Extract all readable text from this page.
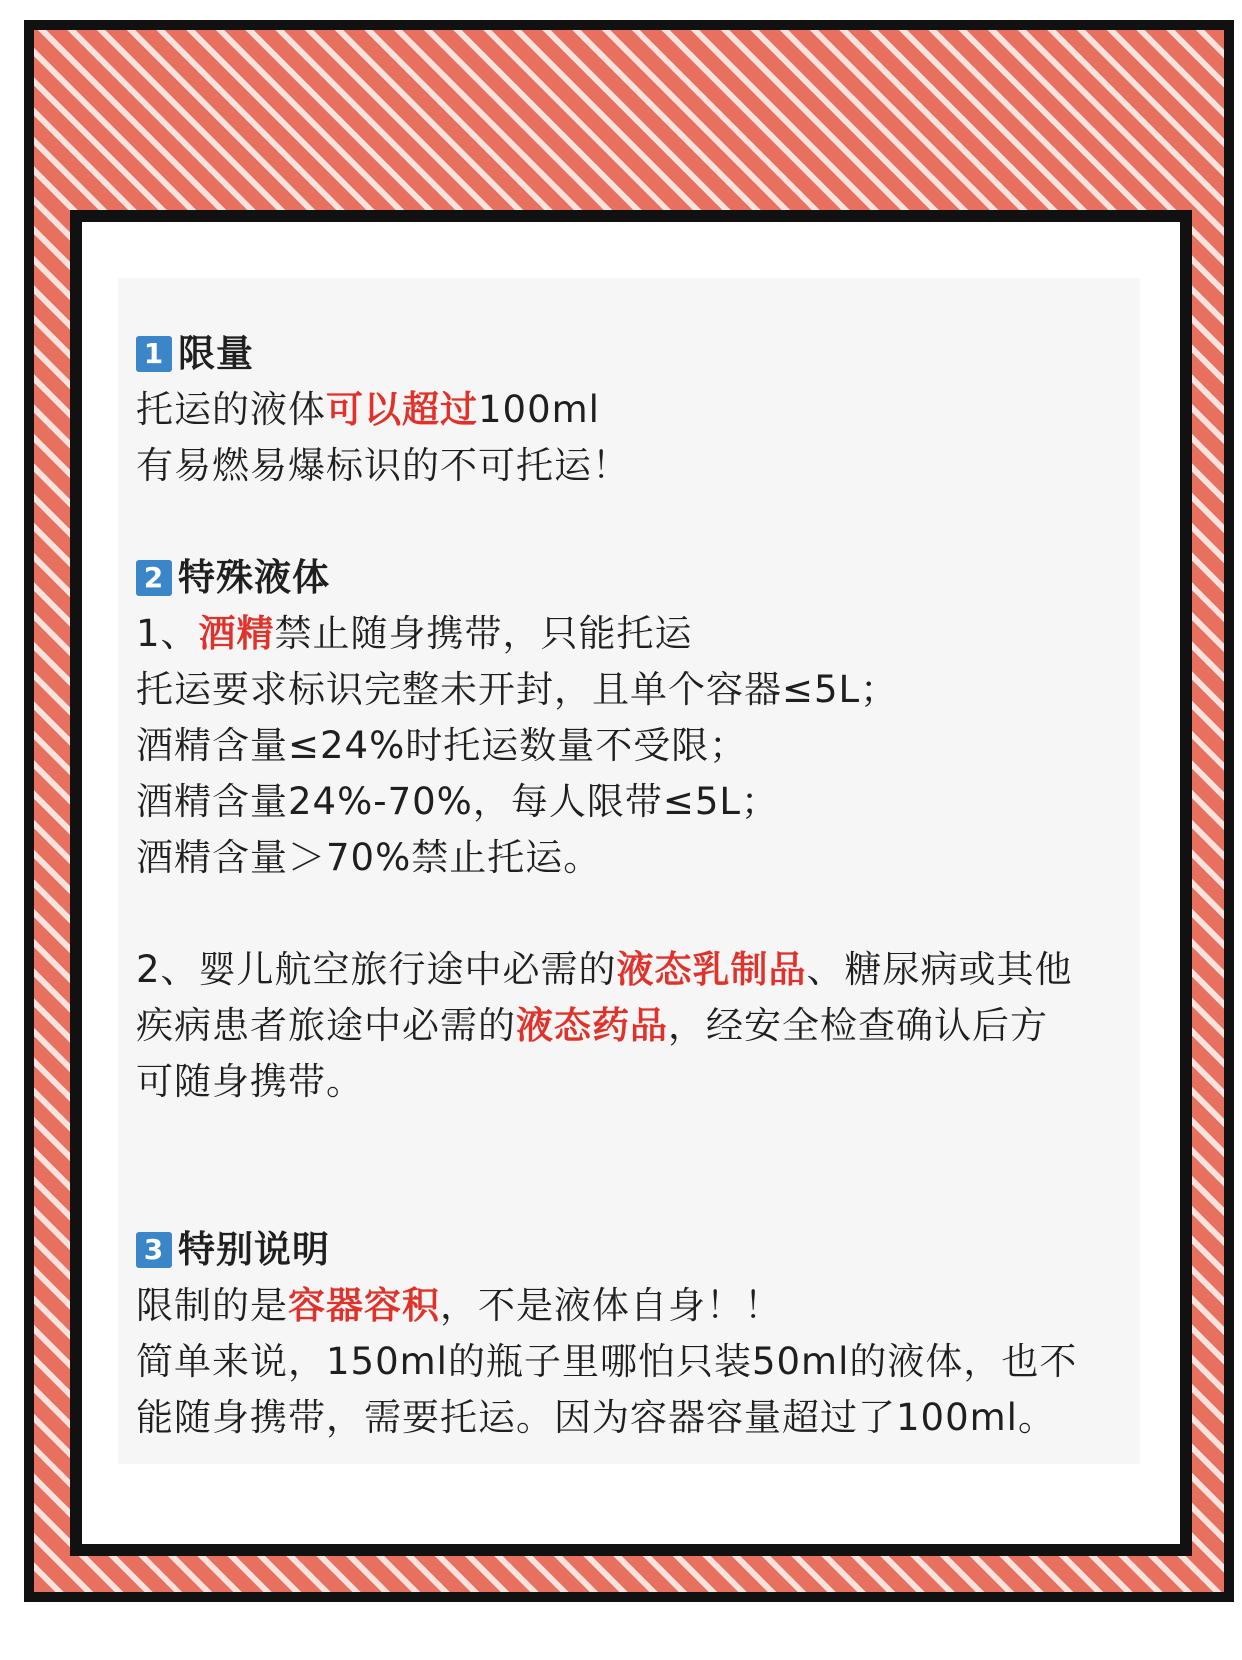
1 限量
托运的液体可以超过100ml
有易燃易爆标识的不可托运！
2 特殊液体
1、酒精禁止随身携带，只能托运
托运要求标识完整未开封，且单个容器≤5L；
酒精含量≤24%时托运数量不受限；
酒精含量24%-70%，每人限带≤5L；
酒精含量＞70%禁止托运。
2、婴儿航空旅行途中必需的液态乳制品、糖尿病或其他
疾病患者旅途中必需的液态药品，经安全检查确认后方
可随身携带。
3 特别说明
限制的是容器容积，不是液体自身！！
简单来说，150ml的瓶子里哪怕只装50ml的液体，也不
能随身携带，需要托运。因为容器容量超过了100ml。
